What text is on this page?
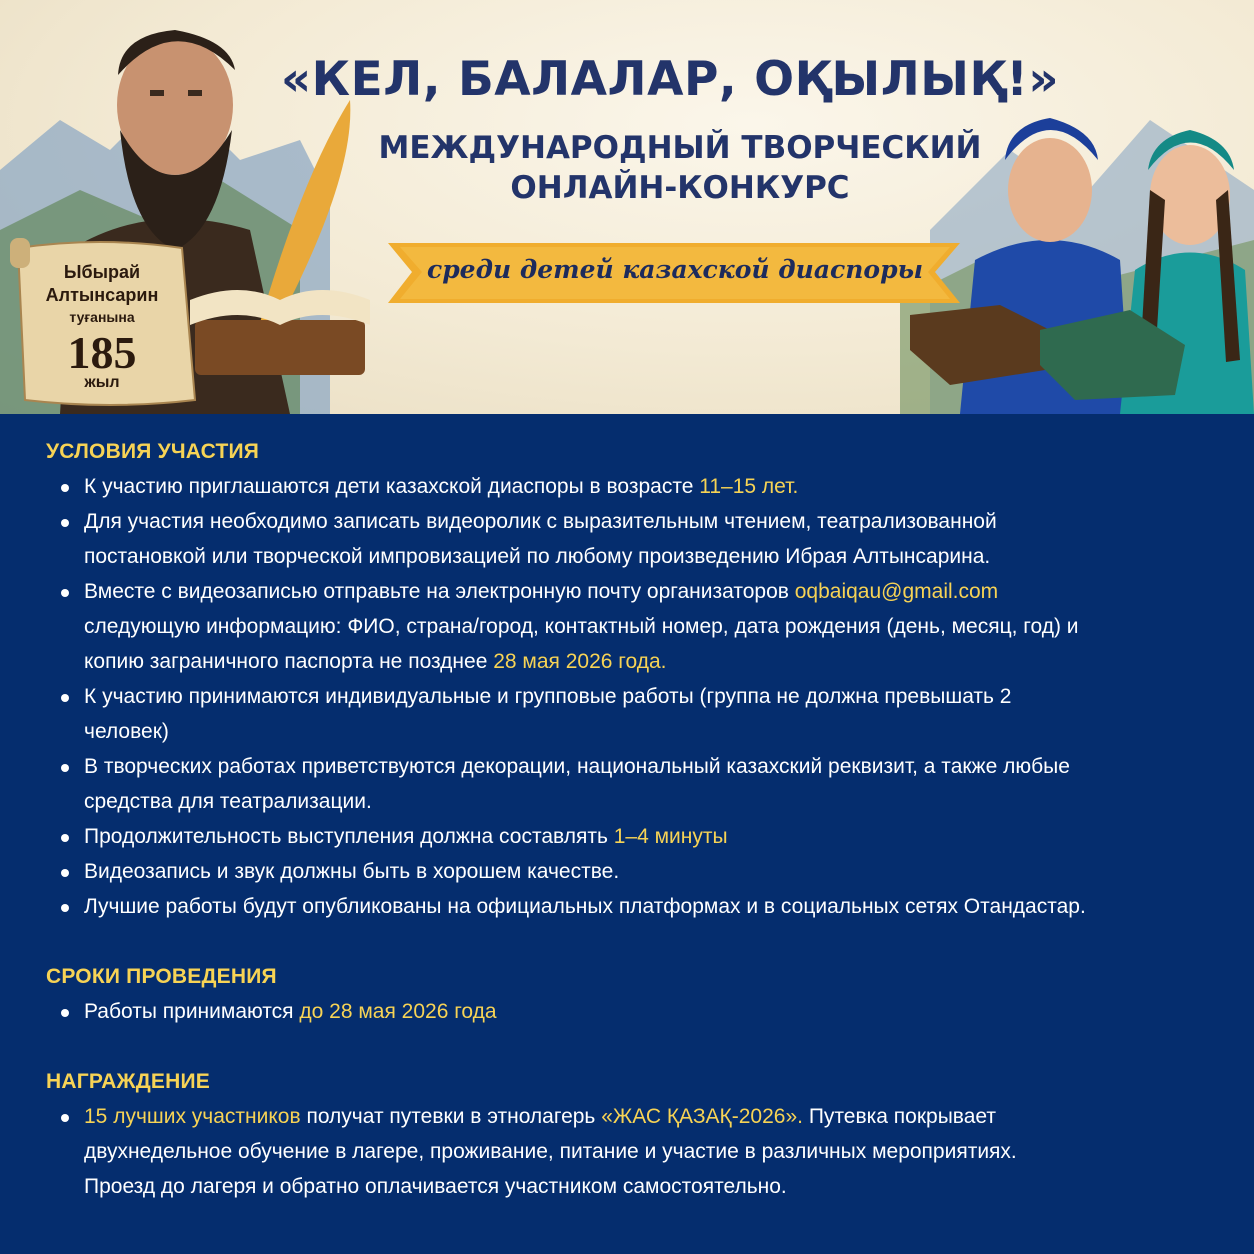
«КЕЛ, БАЛАЛАР, ОҚЫЛЫҚ!»
МЕЖДУНАРОДНЫЙ ТВОРЧЕСКИЙ
ОНЛАЙН-КОНКУРС
среди детей казахской диаспоры
Ыбырай
Алтынсарин
туғанына
185
жыл
УСЛОВИЯ УЧАСТИЯ
К участию приглашаются дети казахской диаспоры в возрасте 11–15 лет.
Для участия необходимо записать видеоролик с выразительным чтением, театрализованной
постановкой или творческой импровизацией по любому произведению Ибрая Алтынсарина.
Вместе с видеозаписью отправьте на электронную почту организаторов oqbaiqau@gmail.com
следующую информацию: ФИО, страна/город, контактный номер, дата рождения (день, месяц, год) и
копию заграничного паспорта не позднее 28 мая 2026 года.
К участию принимаются индивидуальные и групповые работы (группа не должна превышать 2
человек)
В творческих работах приветствуются декорации, национальный казахский реквизит, а также любые
средства для театрализации.
Продолжительность выступления должна составлять 1–4 минуты
Видеозапись и звук должны быть в хорошем качестве.
Лучшие работы будут опубликованы на официальных платформах и в социальных сетях Отандастар.
СРОКИ ПРОВЕДЕНИЯ
Работы принимаются до 28 мая 2026 года
НАГРАЖДЕНИЕ
15 лучших участников получат путевки в этнолагерь «ЖАС ҚАЗАҚ-2026». Путевка покрывает
двухнедельное обучение в лагере, проживание, питание и участие в различных мероприятиях.
Проезд до лагеря и обратно оплачивается участником самостоятельно.
